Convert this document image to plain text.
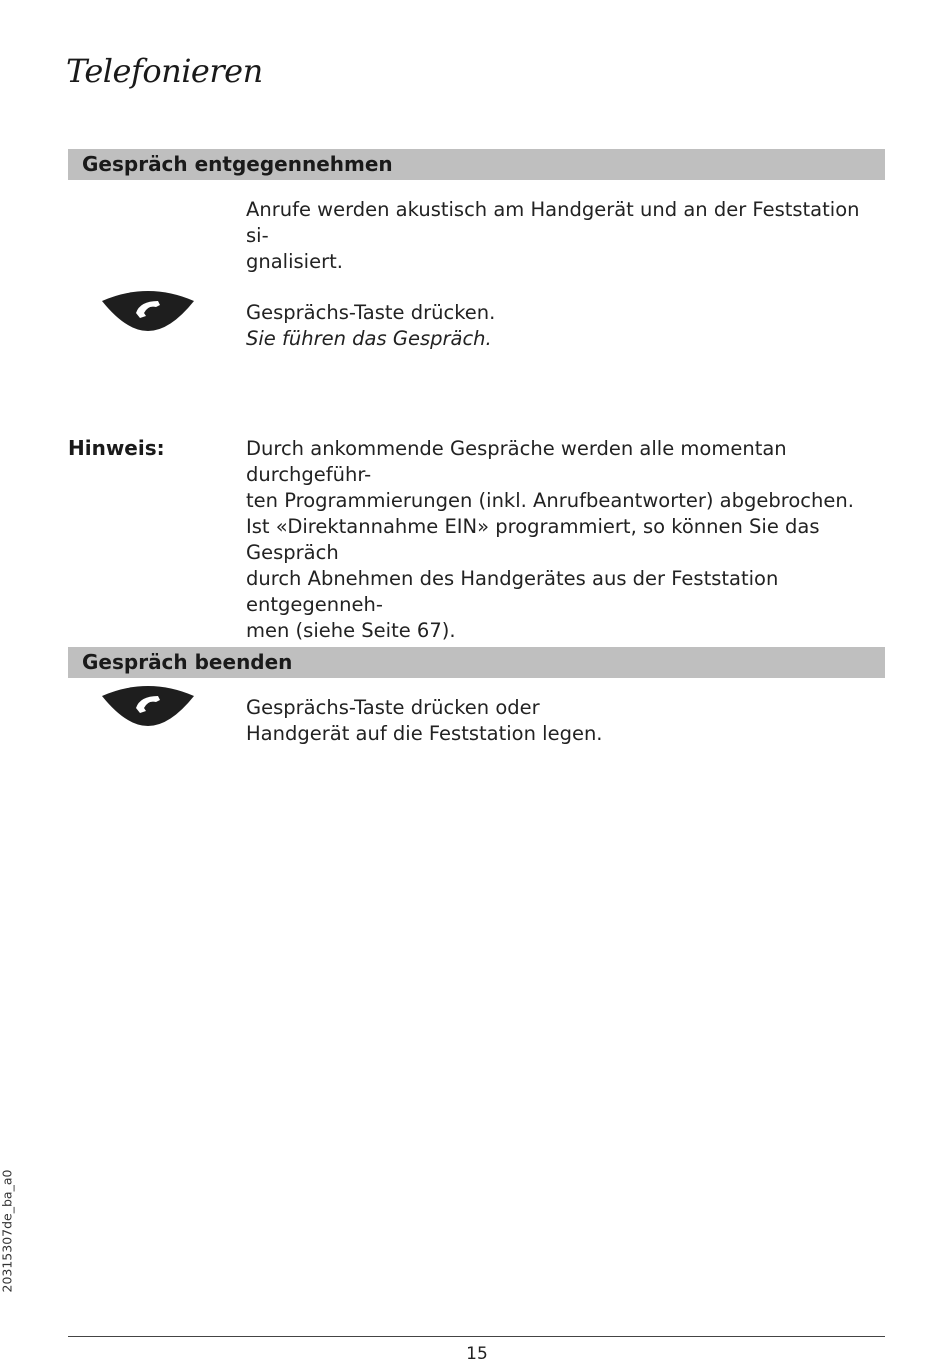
Telefonieren
Gespräch entgegennehmen
Anrufe werden akustisch am Handgerät und an der Feststation si-
gnalisiert.
Gesprächs-Taste drücken.
Sie führen das Gespräch.
Hinweis:	Durch ankommende Gespräche werden alle momentan durchgeführ-
ten Programmierungen (inkl. Anrufbeantworter) abgebrochen.
Ist «Direktannahme EIN» programmiert, so können Sie das Gespräch
durch Abnehmen des Handgerätes aus der Feststation entgegenneh-
men (siehe Seite 67).
Gespräch beenden
Gesprächs-Taste drücken oder
Handgerät auf die Feststation legen.
20315307de_ba_a0
15
